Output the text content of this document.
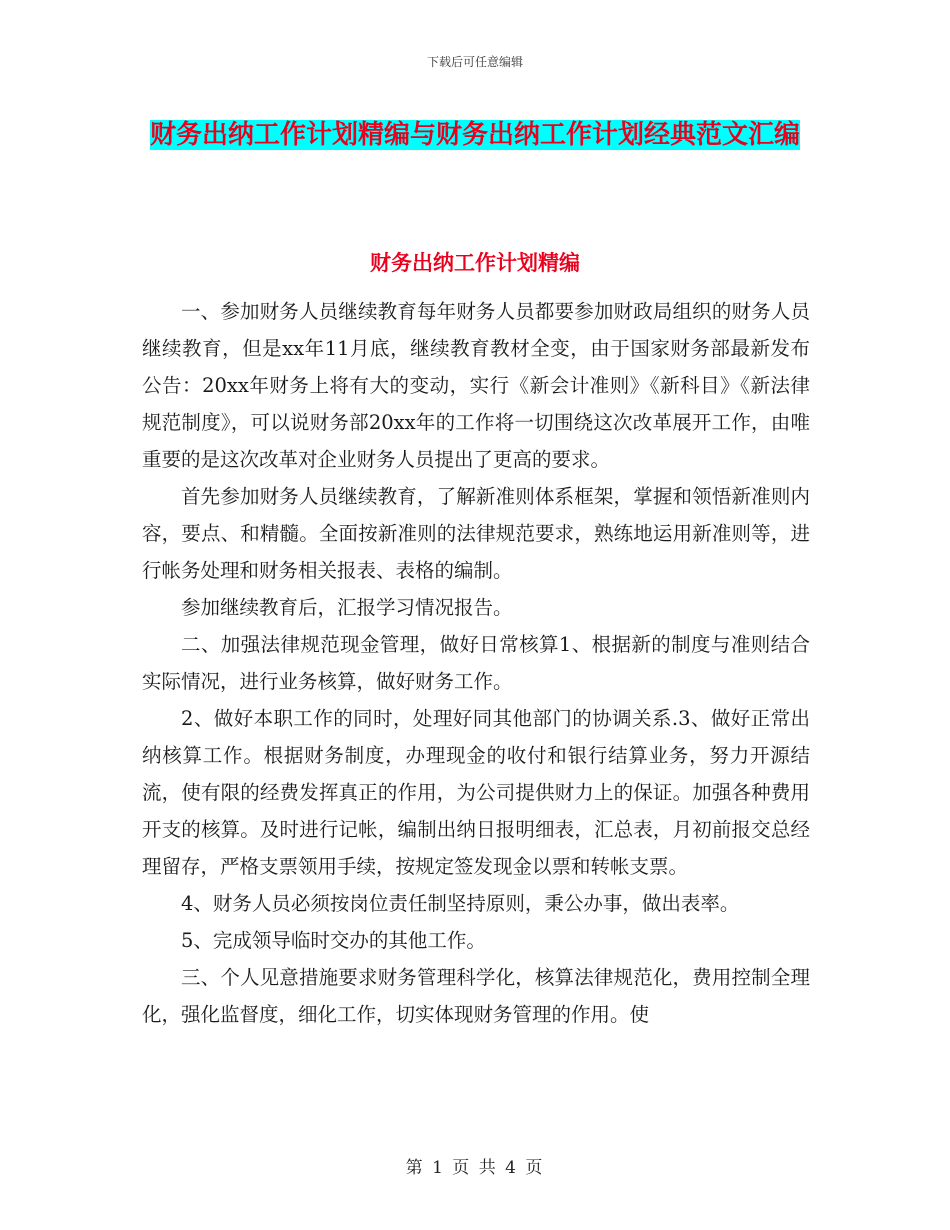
下载后可任意编辑
财务出纳工作计划精编与财务出纳工作计划经典范文汇编
财务出纳工作计划精编

一、参加财务人员继续教育每年财务人员都要参加财政局组织的财务人员继续教育，但是xx年11月底，继续教育教材全变，由于国家财务部最新发布公告：20xx年财务上将有大的变动，实行《新会计准则》《新科目》《新法律规范制度》，可以说财务部20xx年的工作将一切围绕这次改革展开工作，由唯重要的是这次改革对企业财务人员提出了更高的要求。

首先参加财务人员继续教育，了解新准则体系框架，掌握和领悟新准则内容，要点、和精髓。全面按新准则的法律规范要求，熟练地运用新准则等，进行帐务处理和财务相关报表、表格的编制。

参加继续教育后，汇报学习情况报告。

二、加强法律规范现金管理，做好日常核算1、根据新的制度与准则结合实际情况，进行业务核算，做好财务工作。

2、做好本职工作的同时，处理好同其他部门的协调关系.3、做好正常出纳核算工作。根据财务制度，办理现金的收付和银行结算业务，努力开源结流，使有限的经费发挥真正的作用，为公司提供财力上的保证。加强各种费用开支的核算。及时进行记帐，编制出纳日报明细表，汇总表，月初前报交总经理留存，严格支票领用手续，按规定签发现金以票和转帐支票。

4、财务人员必须按岗位责任制坚持原则，秉公办事，做出表率。

5、完成领导临时交办的其他工作。

三、个人见意措施要求财务管理科学化，核算法律规范化，费用控制全理化，强化监督度，细化工作，切实体现财务管理的作用。使

第 1 页 共 4 页
